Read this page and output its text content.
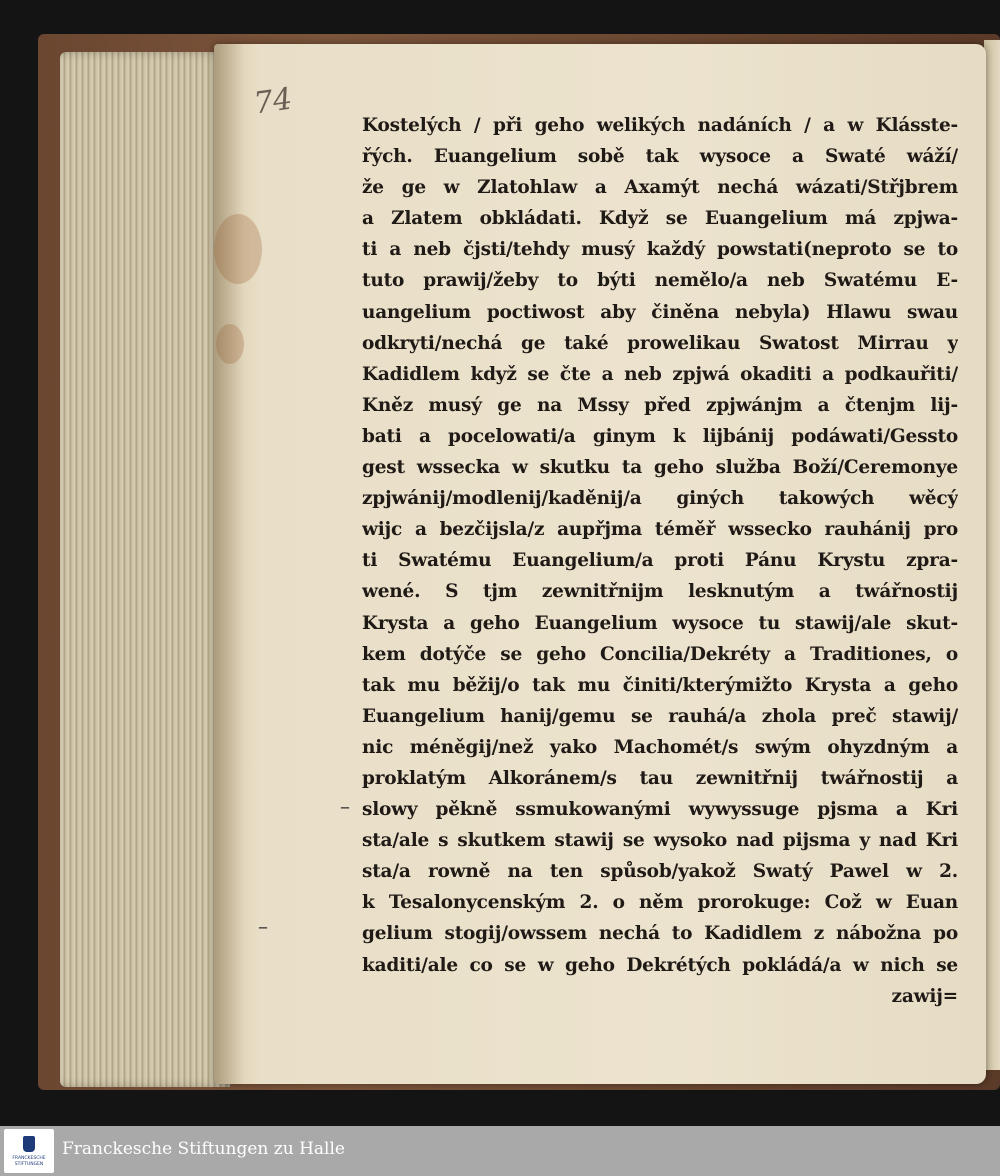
74
–
–
Kostelých / při geho welikých nadáních / a w Klásste-
řých. Euangelium sobě tak wysoce a Swaté wáží/
že ge w Zlatohlaw a Axamýt nechá wázati/Střjbrem
a Zlatem obkládati. Když se Euangelium má zpjwa-
ti a neb čjsti/tehdy musý každý powstati(neproto se to
tuto prawij/žeby to býti nemělo/a neb Swatému E-
uangelium poctiwost aby činěna nebyla) Hlawu swau
odkryti/nechá ge také prowelikau Swatost Mirrau y
Kadidlem když se čte a neb zpjwá okaditi a podkauřiti/
Kněz musý ge na Mssy před zpjwánjm a čtenjm lij-
bati a pocelowati/a ginym k lijbánij podáwati/Gessto
gest wssecka w skutku ta geho služba Boží/Ceremonye
zpjwánij/modlenij/kaděnij/a giných takowých wěcý
wijc a bezčijsla/z aupřjma téměř wssecko rauhánij pro
ti Swatému Euangelium/a proti Pánu Krystu zpra-
wené. S tjm zewnitřnijm lesknutým a twářnostij
Krysta a geho Euangelium wysoce tu stawij/ale skut-
kem dotýče se geho Concilia/Dekréty a Traditiones, o
tak mu běžij/o tak mu činiti/kterýmižto Krysta a geho
Euangelium hanij/gemu se rauhá/a zhola preč stawij/
nic méněgij/než yako Machomét/s swým ohyzdným a
proklatým Alkoránem/s tau zewnitřnij twářnostij a
slowy pěkně ssmukowanými wywyssuge pjsma a Kri
sta/ale s skutkem stawij se wysoko nad pijsma y nad Kri
sta/a rowně na ten spůsob/yakož Swatý Pawel w 2.
k Tesalonycenským 2. o něm prorokuge: Což w Euan
gelium stogij/owssem nechá to Kadidlem z nábožna po
kaditi/ale co se w geho Dekrétých pokládá/a w nich se
zawij=
FRANCKESCHE STIFTUNGEN
Franckesche Stiftungen zu Halle
